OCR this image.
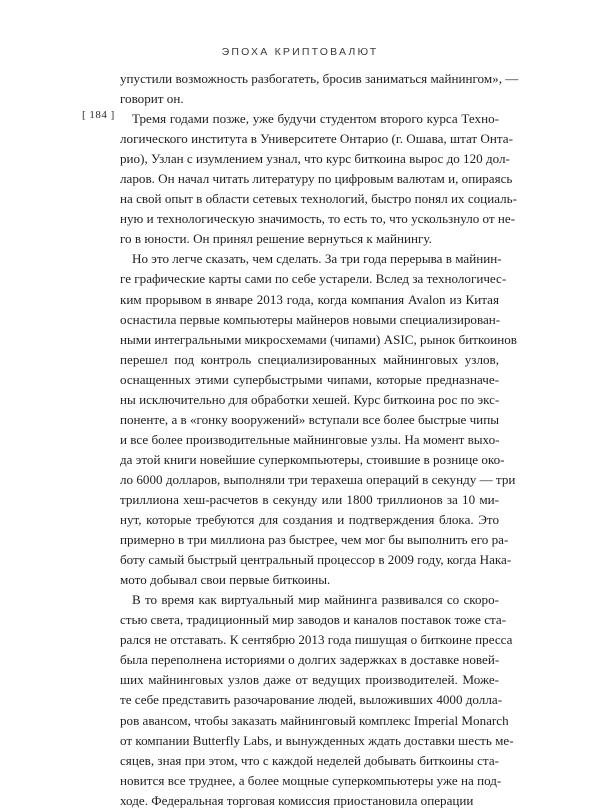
ЭПОХА КРИПТОВАЛЮТ
[ 184 ]
упустили возможность разбогатеть, бросив заниматься майнингом», —
говорит он.
Тремя годами позже, уже будучи студентом второго курса Техно-
логического института в Университете Онтарио (г. Ошава, штат Онта-
рио), Узлан с изумлением узнал, что курс биткоина вырос до 120 дол-
ларов. Он начал читать литературу по цифровым валютам и, опираясь
на свой опыт в области сетевых технологий, быстро понял их социаль-
ную и технологическую значимость, то есть то, что ускользнуло от не-
го в юности. Он принял решение вернуться к майнингу.
Но это легче сказать, чем сделать. За три года перерыва в майнин-
ге графические карты сами по себе устарели. Вслед за технологичес-
ким прорывом в январе 2013 года, когда компания Avalon из Китая
оснастила первые компьютеры майнеров новыми специализирован-
ными интегральными микросхемами (чипами) ASIC, рынок биткоинов
перешел под контроль специализированных майнинговых узлов,
оснащенных этими супербыстрыми чипами, которые предназначе-
ны исключительно для обработки хешей. Курс биткоина рос по экс-
поненте, а в «гонку вооружений» вступали все более быстрые чипы
и все более производительные майнинговые узлы. На момент выхо-
да этой книги новейшие суперкомпьютеры, стоившие в рознице око-
ло 6000 долларов, выполняли три терахеша операций в секунду — три
триллиона хеш-расчетов в секунду или 1800 триллионов за 10 ми-
нут, которые требуются для создания и подтверждения блока. Это
примерно в три миллиона раз быстрее, чем мог бы выполнить его ра-
боту самый быстрый центральный процессор в 2009 году, когда Нака-
мото добывал свои первые биткоины.
В то время как виртуальный мир майнинга развивался со скоро-
стью света, традиционный мир заводов и каналов поставок тоже ста-
рался не отставать. К сентябрю 2013 года пишущая о биткоине пресса
была переполнена историями о долгих задержках в доставке новей-
ших майнинговых узлов даже от ведущих производителей. Може-
те себе представить разочарование людей, выложивших 4000 долла-
ров авансом, чтобы заказать майнинговый комплекс Imperial Monarch
от компании Butterfly Labs, и вынужденных ждать доставки шесть ме-
сяцев, зная при этом, что с каждой неделей добывать биткоины ста-
новится все труднее, а более мощные суперкомпьютеры уже на под-
ходе. Федеральная торговая комиссия приостановила операции
